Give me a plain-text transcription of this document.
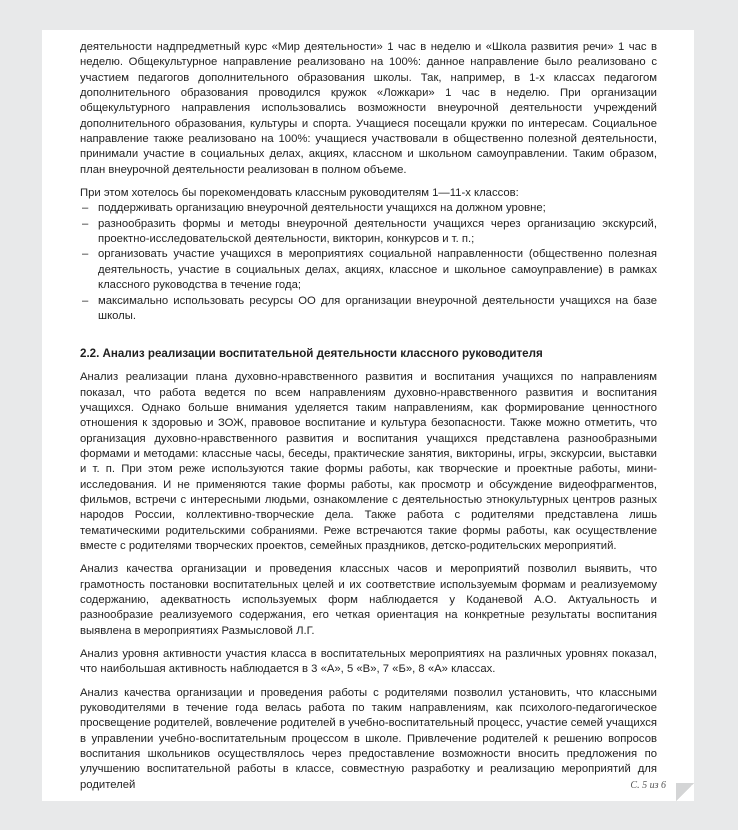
деятельности надпредметный курс «Мир деятельности» 1 час в неделю и «Школа развития речи» 1 час в неделю. Общекультурное направление реализовано на 100%: данное направление было реализовано с участием педагогов дополнительного образования школы. Так, например, в 1-х классах педагогом дополнительного образования проводился кружок «Ложкари» 1 час в неделю. При организации общекультурного направления использовались возможности внеурочной деятельности учреждений дополнительного образования, культуры и спорта. Учащиеся посещали кружки по интересам. Социальное направление также реализовано на 100%: учащиеся участвовали в общественно полезной деятельности, принимали участие в социальных делах, акциях, классном и школьном самоуправлении. Таким образом, план внеурочной деятельности реализован в полном объеме.

При этом хотелось бы порекомендовать классным руководителям 1—11-х классов:

– поддерживать организацию внеурочной деятельности учащихся на должном уровне;
– разнообразить формы и методы внеурочной деятельности учащихся через организацию экскурсий, проектно-исследовательской деятельности, викторин, конкурсов и т. п.;
– организовать участие учащихся в мероприятиях социальной направленности (общественно полезная деятельность, участие в социальных делах, акциях, классное и школьное самоуправление) в рамках классного руководства в течение года;
– максимально использовать ресурсы ОО для организации внеурочной деятельности учащихся на базе школы.
2.2. Анализ реализации воспитательной деятельности классного руководителя

Анализ реализации плана духовно-нравственного развития и воспитания учащихся по направлениям показал, что работа ведется по всем направлениям духовно-нравственного развития и воспитания учащихся. Однако больше внимания уделяется таким направлениям, как формирование ценностного отношения к здоровью и ЗОЖ, правовое воспитание и культура безопасности. Также можно отметить, что организация духовно-нравственного развития и воспитания учащихся представлена разнообразными формами и методами: классные часы, беседы, практические занятия, викторины, игры, экскурсии, выставки и т. п. При этом реже используются такие формы работы, как творческие и проектные работы, мини-исследования. И не применяются такие формы работы, как просмотр и обсуждение видеофрагментов, фильмов, встречи с интересными людьми, ознакомление с деятельностью этнокультурных центров разных народов России, коллективно-творческие дела. Также работа с родителями представлена лишь тематическими родительскими собраниями. Реже встречаются такие формы работы, как осуществление вместе с родителями творческих проектов, семейных праздников, детско-родительских мероприятий.

Анализ качества организации и проведения классных часов и мероприятий позволил выявить, что грамотность постановки воспитательных целей и их соответствие используемым формам и реализуемому содержанию, адекватность используемых форм наблюдается у Коданевой А.О. Актуальность и разнообразие реализуемого содержания, его четкая ориентация на конкретные результаты воспитания выявлена в мероприятиях Размысловой Л.Г.

Анализ уровня активности участия класса в воспитательных мероприятиях на различных уровнях показал, что наибольшая активность наблюдается в 3 «А», 5 «В», 7 «Б», 8 «А» классах.

Анализ качества организации и проведения работы с родителями позволил установить, что классными руководителями в течение года велась работа по таким направлениям, как психолого-педагогическое просвещение родителей, вовлечение родителей в учебно-воспитательный процесс, участие семей учащихся в управлении учебно-воспитательным процессом в школе. Привлечение родителей к решению вопросов воспитания школьников осуществлялось через предоставление возможности вносить предложения по улучшению воспитательной работы в классе, совместную разработку и реализацию мероприятий для родителей	С. 5 из 6
